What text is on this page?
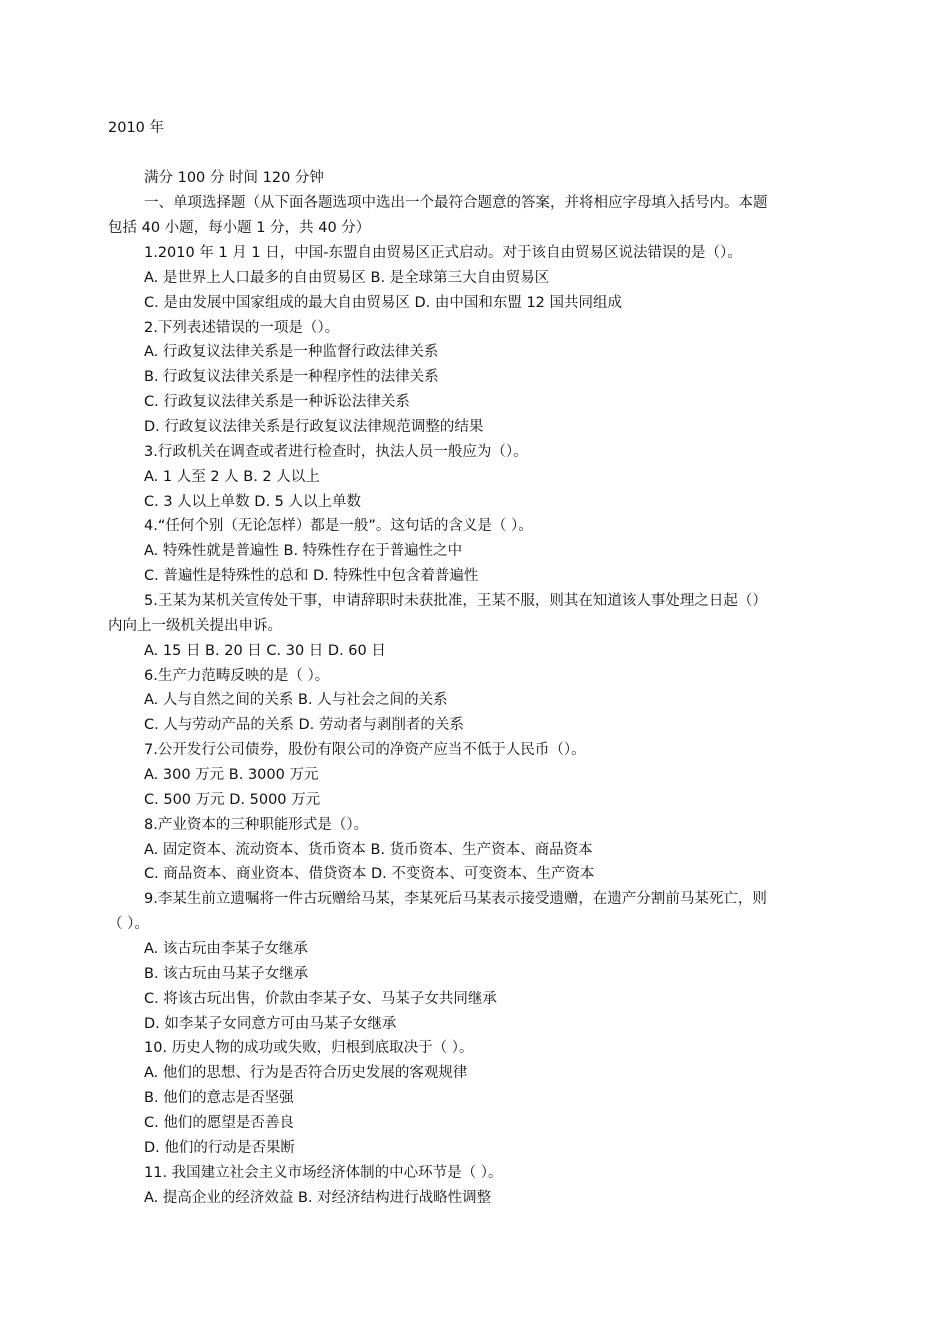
2010 年
满分 100 分 时间 120 分钟
一、单项选择题（从下面各题选项中选出一个最符合题意的答案，并将相应字母填入括号内。本题
包括 40 小题，每小题 1 分，共 40 分）
1.2010 年 1 月 1 日，中国-东盟自由贸易区正式启动。对于该自由贸易区说法错误的是（）。
A. 是世界上人口最多的自由贸易区 B. 是全球第三大自由贸易区
C. 是由发展中国家组成的最大自由贸易区 D. 由中国和东盟 12 国共同组成
2.下列表述错误的一项是（）。
A. 行政复议法律关系是一种监督行政法律关系
B. 行政复议法律关系是一种程序性的法律关系
C. 行政复议法律关系是一种诉讼法律关系
D. 行政复议法律关系是行政复议法律规范调整的结果
3.行政机关在调查或者进行检查时，执法人员一般应为（）。
A. 1 人至 2 人 B. 2 人以上
C. 3 人以上单数 D. 5 人以上单数
4.“任何个别（无论怎样）都是一般”。这句话的含义是（ ）。
A. 特殊性就是普遍性 B. 特殊性存在于普遍性之中
C. 普遍性是特殊性的总和 D. 特殊性中包含着普遍性
5.王某为某机关宣传处干事，申请辞职时未获批准，王某不服，则其在知道该人事处理之日起（）
内向上一级机关提出申诉。
A. 15 日 B. 20 日 C. 30 日 D. 60 日
6.生产力范畴反映的是（ ）。
A. 人与自然之间的关系 B. 人与社会之间的关系
C. 人与劳动产品的关系 D. 劳动者与剥削者的关系
7.公开发行公司债券，股份有限公司的净资产应当不低于人民币（）。
A. 300 万元 B. 3000 万元
C. 500 万元 D. 5000 万元
8.产业资本的三种职能形式是（）。
A. 固定资本、流动资本、货币资本 B. 货币资本、生产资本、商品资本
C. 商品资本、商业资本、借贷资本 D. 不变资本、可变资本、生产资本
9.李某生前立遗嘱将一件古玩赠给马某，李某死后马某表示接受遗赠，在遗产分割前马某死亡，则
（ ）。
A. 该古玩由李某子女继承
B. 该古玩由马某子女继承
C. 将该古玩出售，价款由李某子女、马某子女共同继承
D. 如李某子女同意方可由马某子女继承
10. 历史人物的成功或失败，归根到底取决于（ ）。
A. 他们的思想、行为是否符合历史发展的客观规律
B. 他们的意志是否坚强
C. 他们的愿望是否善良
D. 他们的行动是否果断
11. 我国建立社会主义市场经济体制的中心环节是（ ）。
A. 提高企业的经济效益 B. 对经济结构进行战略性调整
